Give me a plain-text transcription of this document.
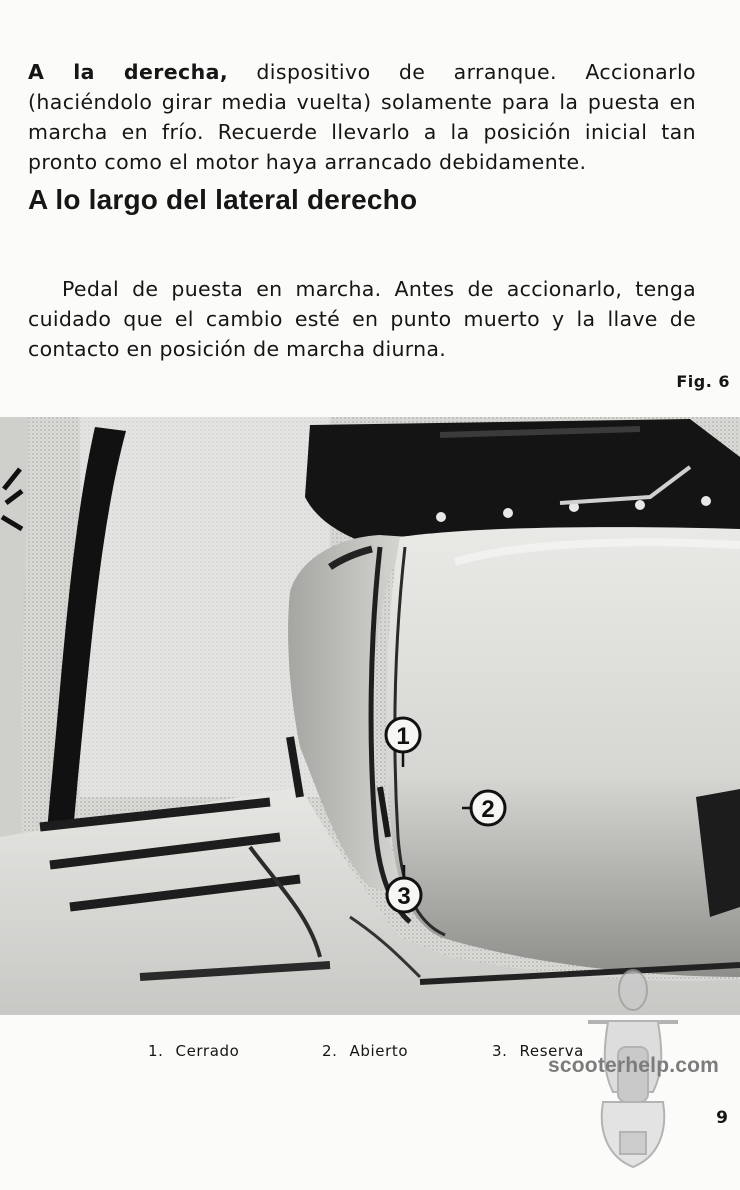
A la derecha, dispositivo de arranque. Accionarlo (haciéndolo girar media vuelta) solamente para la puesta en marcha en frío. Recuerde llevarlo a la posición inicial tan pronto como el motor haya arrancado debidamente.

A lo largo del lateral derecho

Pedal de puesta en marcha. Antes de accionarlo, tenga cuidado que el cambio esté en punto muerto y la llave de contacto en posición de marcha diurna.

Fig. 6
1
2
3
1. Cerrado	2. Abierto	3. Reserva
scooterhelp.com
9
